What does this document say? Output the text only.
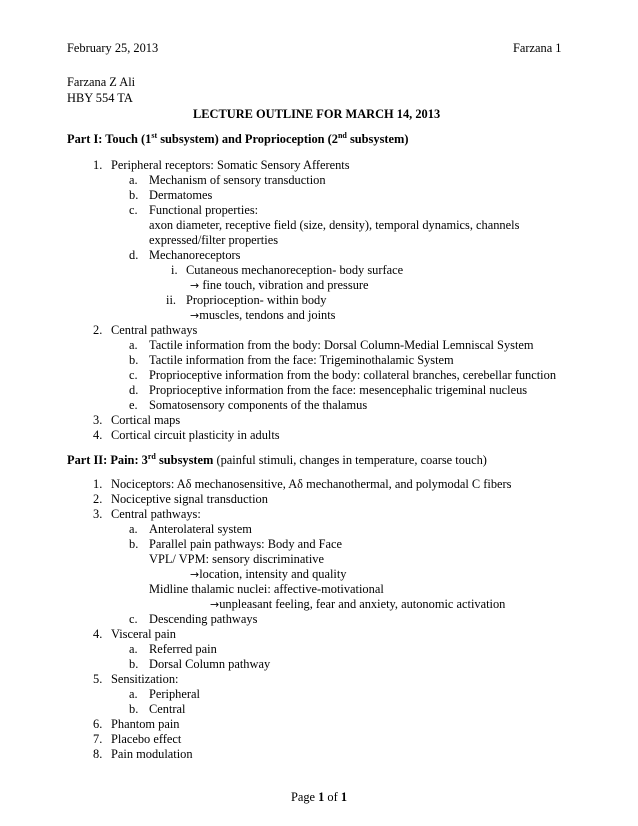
February 25, 2013	Farzana 1
Farzana Z Ali
HBY 554 TA
LECTURE OUTLINE FOR MARCH 14, 2013
Part I: Touch (1st subsystem) and Proprioception (2nd subsystem)
1. Peripheral receptors: Somatic Sensory Afferents
a. Mechanism of sensory transduction
b. Dermatomes
c. Functional properties:
axon diameter, receptive field (size, density), temporal dynamics, channels
expressed/filter properties
d. Mechanoreceptors
i. Cutaneous mechanoreception- body surface
→ fine touch, vibration and pressure
ii. Proprioception- within body
→muscles, tendons and joints
2. Central pathways
a. Tactile information from the body: Dorsal Column-Medial Lemniscal System
b. Tactile information from the face: Trigeminothalamic System
c. Proprioceptive information from the body: collateral branches, cerebellar function
d. Proprioceptive information from the face: mesencephalic trigeminal nucleus
e. Somatosensory components of the thalamus
3. Cortical maps
4. Cortical circuit plasticity in adults
Part II: Pain: 3rd subsystem (painful stimuli, changes in temperature, coarse touch)
1. Nociceptors: Aδ mechanosensitive, Aδ mechanothermal, and polymodal C fibers
2. Nociceptive signal transduction
3. Central pathways:
a. Anterolateral system
b. Parallel pain pathways: Body and Face
VPL/ VPM: sensory discriminative
→location, intensity and quality
Midline thalamic nuclei: affective-motivational
→unpleasant feeling, fear and anxiety, autonomic activation
c. Descending pathways
4. Visceral pain
a. Referred pain
b. Dorsal Column pathway
5. Sensitization:
a. Peripheral
b. Central
6. Phantom pain
7. Placebo effect
8. Pain modulation
Page 1 of 1
